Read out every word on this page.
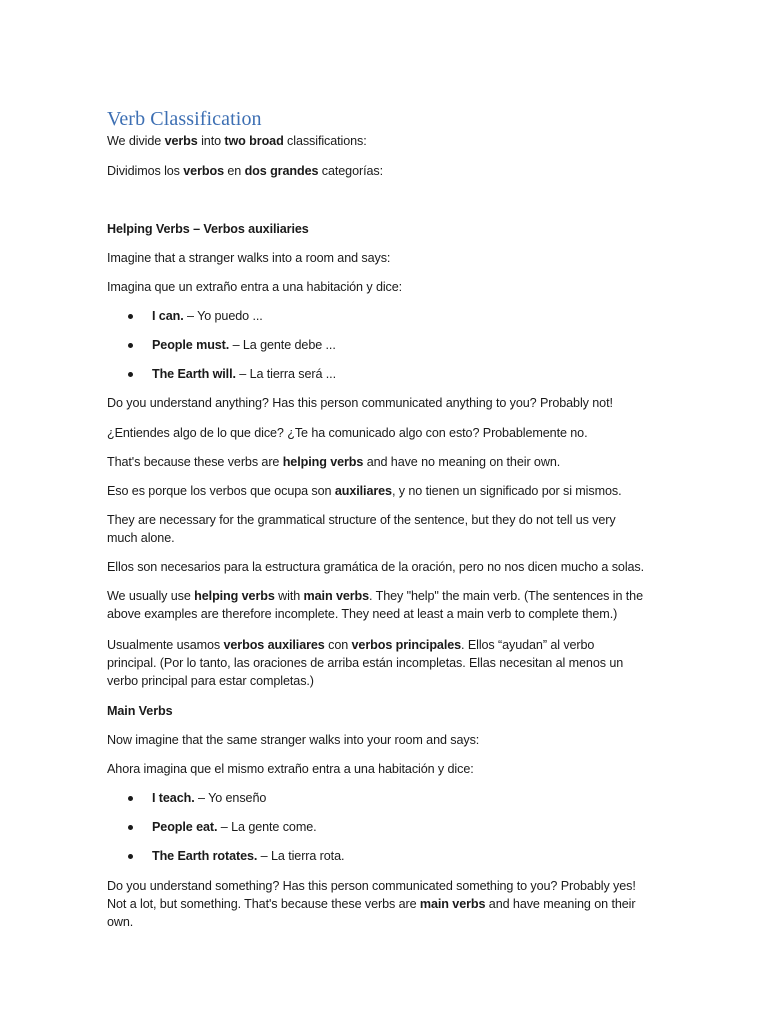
Verb Classification

We divide verbs into two broad classifications:

Dividimos los verbos en dos grandes categorías:

Helping Verbs – Verbos auxiliaries

Imagine that a stranger walks into a room and says:

Imagina que un extraño entra a una habitación y dice:

I can. – Yo puedo ...
People must. – La gente debe ...
The Earth will. – La tierra será ...

Do you understand anything? Has this person communicated anything to you? Probably not!

¿Entiendes algo de lo que dice? ¿Te ha comunicado algo con esto? Probablemente no.

That's because these verbs are helping verbs and have no meaning on their own.

Eso es porque los verbos que ocupa son auxiliares, y no tienen un significado por si mismos.

They are necessary for the grammatical structure of the sentence, but they do not tell us very much alone.

Ellos son necesarios para la estructura gramática de la oración, pero no nos dicen mucho a solas.

We usually use helping verbs with main verbs. They "help" the main verb. (The sentences in the above examples are therefore incomplete. They need at least a main verb to complete them.)

Usualmente usamos verbos auxiliares con verbos principales. Ellos “ayudan” al verbo principal. (Por lo tanto, las oraciones de arriba están incompletas. Ellas necesitan al menos un verbo principal para estar completas.)

Main Verbs

Now imagine that the same stranger walks into your room and says:

Ahora imagina que el mismo extraño entra a una habitación y dice:

I teach. – Yo enseño
People eat. – La gente come.
The Earth rotates. – La tierra rota.

Do you understand something? Has this person communicated something to you? Probably yes! Not a lot, but something. That's because these verbs are main verbs and have meaning on their own.
